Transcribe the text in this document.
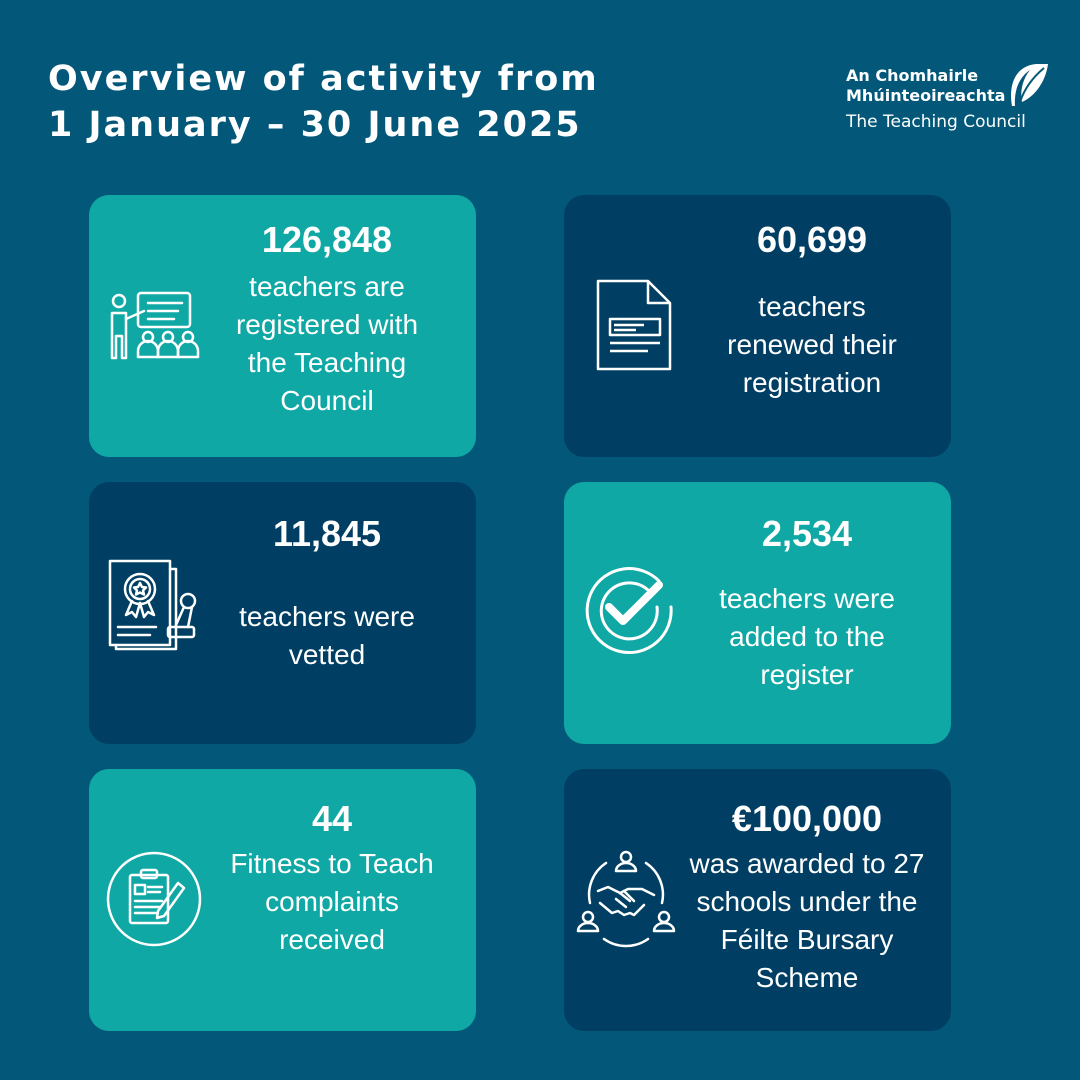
Overview of activity from
1 January – 30 June 2025
An Chomhairle
Mhúinteoireachta
The Teaching Council
126,848
teachers are registered with the Teaching Council
60,699
teachers renewed their registration
11,845
teachers were vetted
2,534
teachers were added to the register
44
Fitness to Teach complaints received
€100,000
was awarded to 27 schools under the Féilte Bursary Scheme
